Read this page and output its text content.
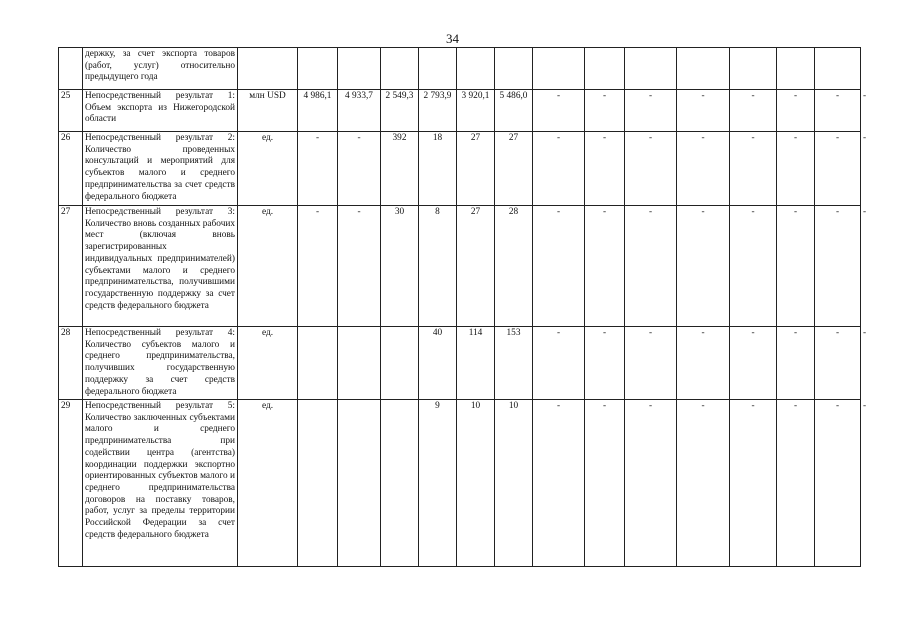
34
	держку, за счет экспорта товаров (работ, услуг) относительно предыдущего года															
25	Непосредственный результат 1: Объем экспорта из Нижегородской области	млн USD	4 986,1	4 933,7	2 549,3	2 793,9	3 920,1	5 486,0	-	-	-	-	-	-	-	-
26	Непосредственный результат 2: Количество проведенных консультаций и мероприятий для субъектов малого и среднего предпринимательства за счет средств федерального бюджета	ед.	-	-	392	18	27	27	-	-	-	-	-	-	-	-
27	Непосредственный результат 3: Количество вновь созданных рабочих мест (включая вновь зарегистрированных индивидуальных предпринимателей) субъектами малого и среднего предпринимательства, получившими государственную поддержку за счет средств федерального бюджета	ед.	-	-	30	8	27	28	-	-	-	-	-	-	-	-
28	Непосредственный результат 4: Количество субъектов малого и среднего предпринимательства, получивших государственную поддержку за счет средств федерального бюджета	ед.				40	114	153	-	-	-	-	-	-	-	-
29	Непосредственный результат 5: Количество заключенных субъектами малого и среднего предпринимательства при содействии центра (агентства) координации поддержки экспортно ориентированных субъектов малого и среднего предпринимательства договоров на поставку товаров, работ, услуг за пределы территории Российской Федерации за счет средств федерального бюджета	ед.				9	10	10	-	-	-	-	-	-	-	-
